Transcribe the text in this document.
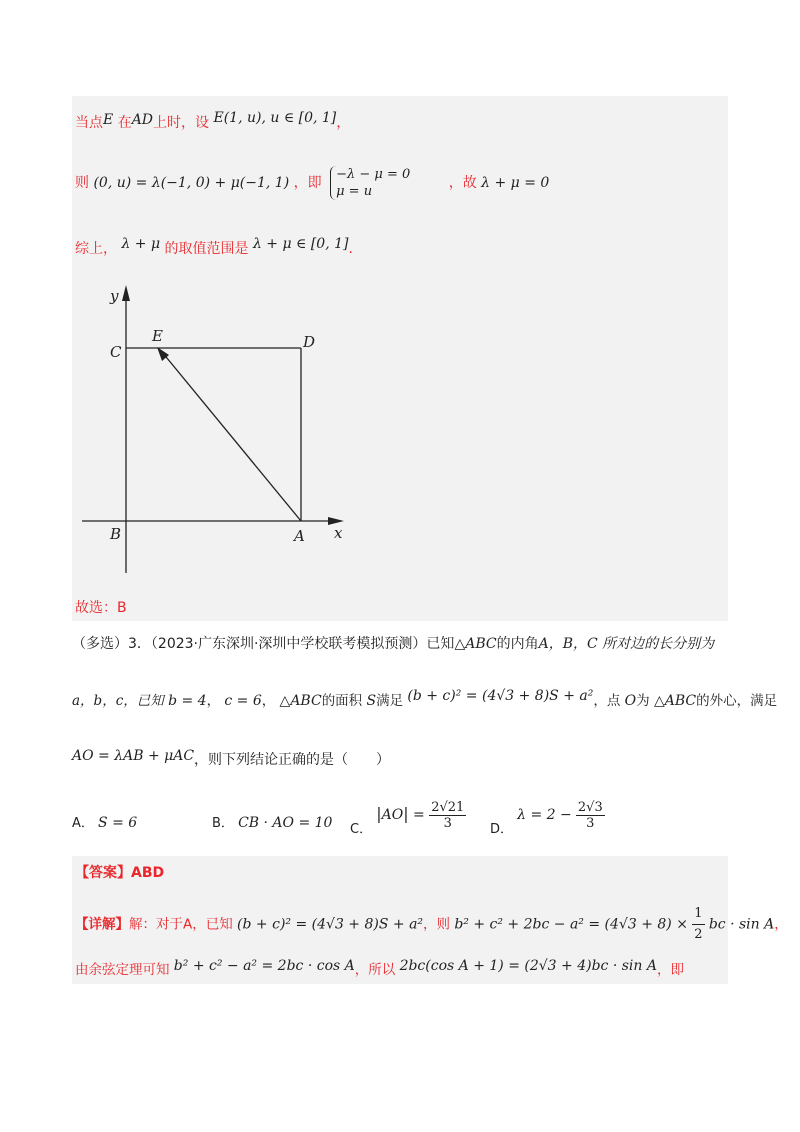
当点E 在AD上时，设 E(1, u), u ∈ [0, 1]，
则 (0, u) = λ(−1, 0) + μ(−1, 1) ，即 −λ − μ = 0
μ = u ，故 λ + μ = 0
综上， λ + μ 的取值范围是 λ + μ ∈ [0, 1].
y
x
C
E	D
B	A
故选：B
（多选）3．（2023·广东深圳·深圳中学校联考模拟预测）已知△ABC的内角A，B，C 所对边的长分别为
a，b，c，已知 b = 4， c = 6， △ABC的面积 S满足 (b + c)² = (4√3 + 8)S + a²，点 O为 △ABC的外心，满足
AO = λAB + μAC，则下列结论正确的是（　　）
A． S = 6	B． CB · AO = 10 C． $|AO| = \frac{2√21}{3}$ D． $\lambda = 2 - \frac{2√3}{3}$
【答案】ABD
【详解】解：对于A，已知 (b + c)² = (4√3 + 8)S + a²，则 $b^2 + c^2 + 2bc - a^2 = (4√3 + 8) \times \frac{1}{2}$ bc · sin A，
由余弦定理可知 b² + c² − a² = 2bc · cos A，所以 2bc(cos A + 1) = (2√3 + 4)bc · sin A，即
